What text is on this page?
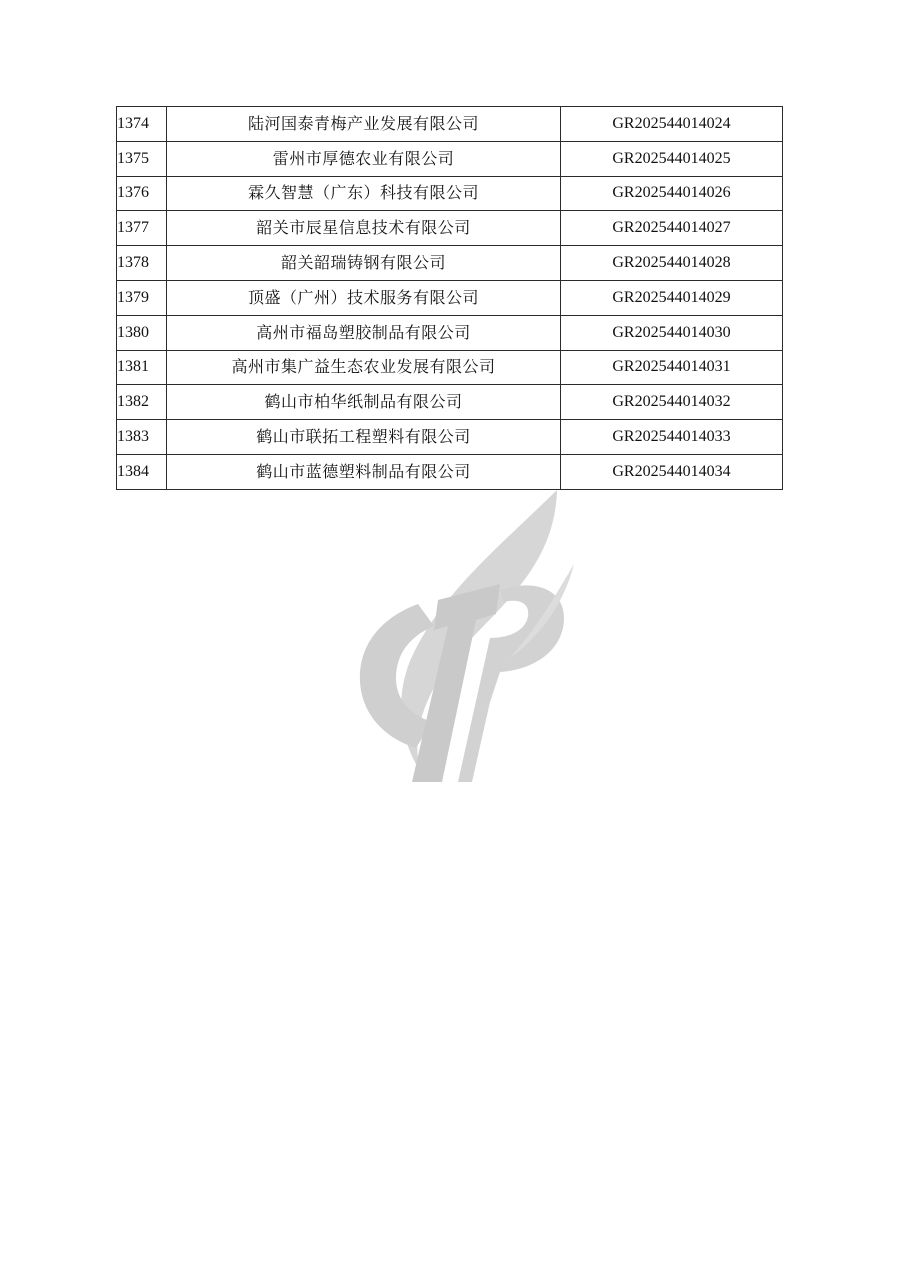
1374	陆河国泰青梅产业发展有限公司	GR202544014024
1375	雷州市厚德农业有限公司	GR202544014025
1376	霖久智慧（广东）科技有限公司	GR202544014026
1377	韶关市辰星信息技术有限公司	GR202544014027
1378	韶关韶瑞铸钢有限公司	GR202544014028
1379	顶盛（广州）技术服务有限公司	GR202544014029
1380	高州市福岛塑胶制品有限公司	GR202544014030
1381	高州市集广益生态农业发展有限公司	GR202544014031
1382	鹤山市柏华纸制品有限公司	GR202544014032
1383	鹤山市联拓工程塑料有限公司	GR202544014033
1384	鹤山市蓝德塑料制品有限公司	GR202544014034
